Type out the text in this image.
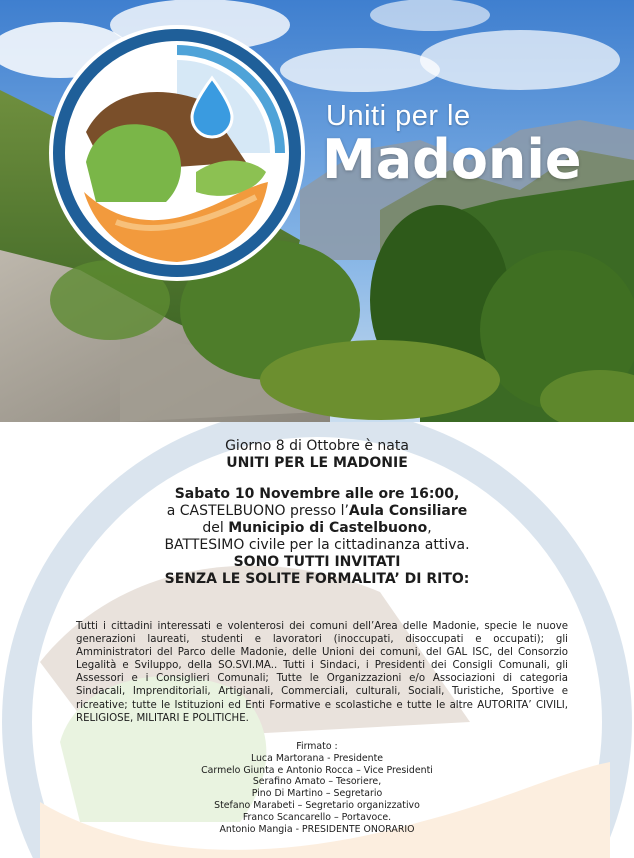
Uniti per le
Madonie
Giorno 8 di Ottobre è nata
UNITI PER LE MADONIE
Sabato 10 Novembre alle ore 16:00,
a CASTELBUONO presso l’Aula Consiliare
del Municipio di Castelbuono,
BATTESIMO civile per la cittadinanza attiva.
SONO TUTTI INVITATI
SENZA LE SOLITE FORMALITA’ DI RITO:
Tutti i cittadini interessati e volenterosi dei comuni dell’Area delle Madonie, specie le nuove generazioni laureati, studenti e lavoratori (inoccupati, disoccupati e occupati); gli Amministratori del Parco delle Madonie, delle Unioni dei comuni, del GAL ISC, del Consorzio Legalità e Sviluppo, della SO.SVI.MA.. Tutti i Sindaci, i Presidenti dei Consigli Comunali, gli Assessori e i Consiglieri Comunali; Tutte le Organizzazioni e/o Associazioni di categoria Sindacali, Imprenditoriali, Artigianali, Commerciali, culturali, Sociali, Turistiche, Sportive e ricreative; tutte le Istituzioni ed Enti Formative e scolastiche e tutte le altre AUTORITA’ CIVILI, RELIGIOSE, MILITARI E POLITICHE.
Firmato :
Luca Martorana - Presidente
Carmelo Giunta e Antonio Rocca – Vice Presidenti
Serafino Amato – Tesoriere,
Pino Di Martino – Segretario
Stefano Marabeti – Segretario organizzativo
Franco Scancarello – Portavoce.
Antonio Mangia - PRESIDENTE ONORARIO
